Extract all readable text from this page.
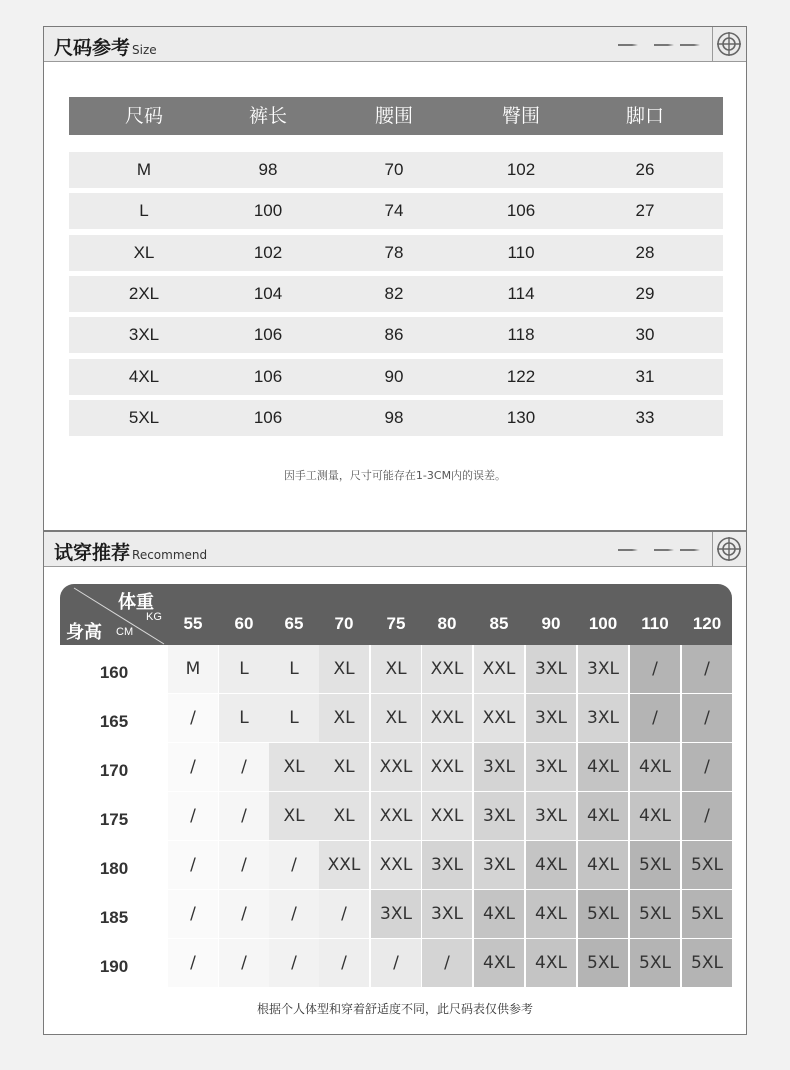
尺码参考 Size
尺码	裤长	腰围	臀围	脚口
M	98	70	102	26
L	100	74	106	27
XL	102	78	110	28
2XL	104	82	114	29
3XL	106	86	118	30
4XL	106	90	122	31
5XL	106	98	130	33
因手工测量，尺寸可能存在1-3CM内的误差。
试穿推荐 Recommend
体重
KG
身高 CM	55	60	65	70	75	80	85	90	100	110	120
160	M	L	L	XL	XL	XXL	XXL	3XL	3XL	/	/
165	/	L	L	XL	XL	XXL	XXL	3XL	3XL	/	/
170	/	/	XL	XL	XXL	XXL	3XL	3XL	4XL	4XL	/
175	/	/	XL	XL	XXL	XXL	3XL	3XL	4XL	4XL	/
180	/	/	/	XXL	XXL	3XL	3XL	4XL	4XL	5XL	5XL
185	/	/	/	/	3XL	3XL	4XL	4XL	5XL	5XL	5XL
190	/	/	/	/	/	/	4XL	4XL	5XL	5XL	5XL
根据个人体型和穿着舒适度不同，此尺码表仅供参考
